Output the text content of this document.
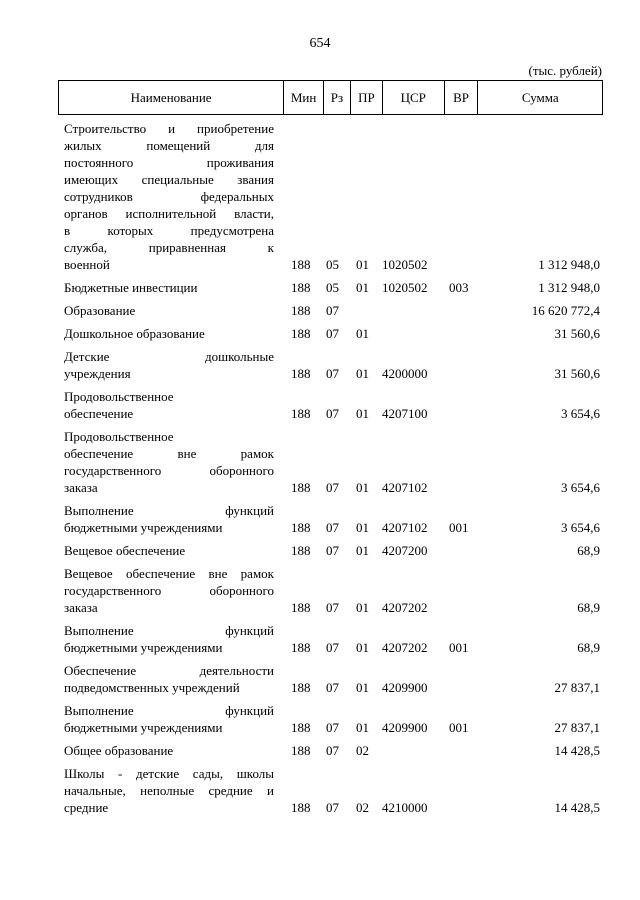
654
(тыс. рублей)
Наименование	Мин	Рз	ПР	ЦСР	ВР	Сумма
Строительство и приобретение
жилых помещений для
постоянного проживания
имеющих специальные звания
сотрудников федеральных
органов исполнительной власти,
в которых предусмотрена
служба, приравненная к
военной	188 05 01 1020502	1 312 948,0
Бюджетные инвестиции	188 05 01 1020502 003	1 312 948,0
Образование	188 07	16 620 772,4
Дошкольное образование	188 07 01	31 560,6
Детские дошкольные
учреждения	188 07 01 4200000	31 560,6
Продовольственное
обеспечение	188 07 01 4207100	3 654,6
Продовольственное
обеспечение вне рамок
государственного оборонного
заказа	188 07 01 4207102	3 654,6
Выполнение функций
бюджетными учреждениями	188 07 01 4207102 001	3 654,6
Вещевое обеспечение	188 07 01 4207200	68,9
Вещевое обеспечение вне рамок
государственного оборонного
заказа	188 07 01 4207202	68,9
Выполнение функций
бюджетными учреждениями	188 07 01 4207202 001	68,9
Обеспечение деятельности
подведомственных учреждений	188 07 01 4209900	27 837,1
Выполнение функций
бюджетными учреждениями	188 07 01 4209900 001	27 837,1
Общее образование	188 07 02	14 428,5
Школы - детские сады, школы
начальные, неполные средние и
средние	188 07 02 4210000	14 428,5
